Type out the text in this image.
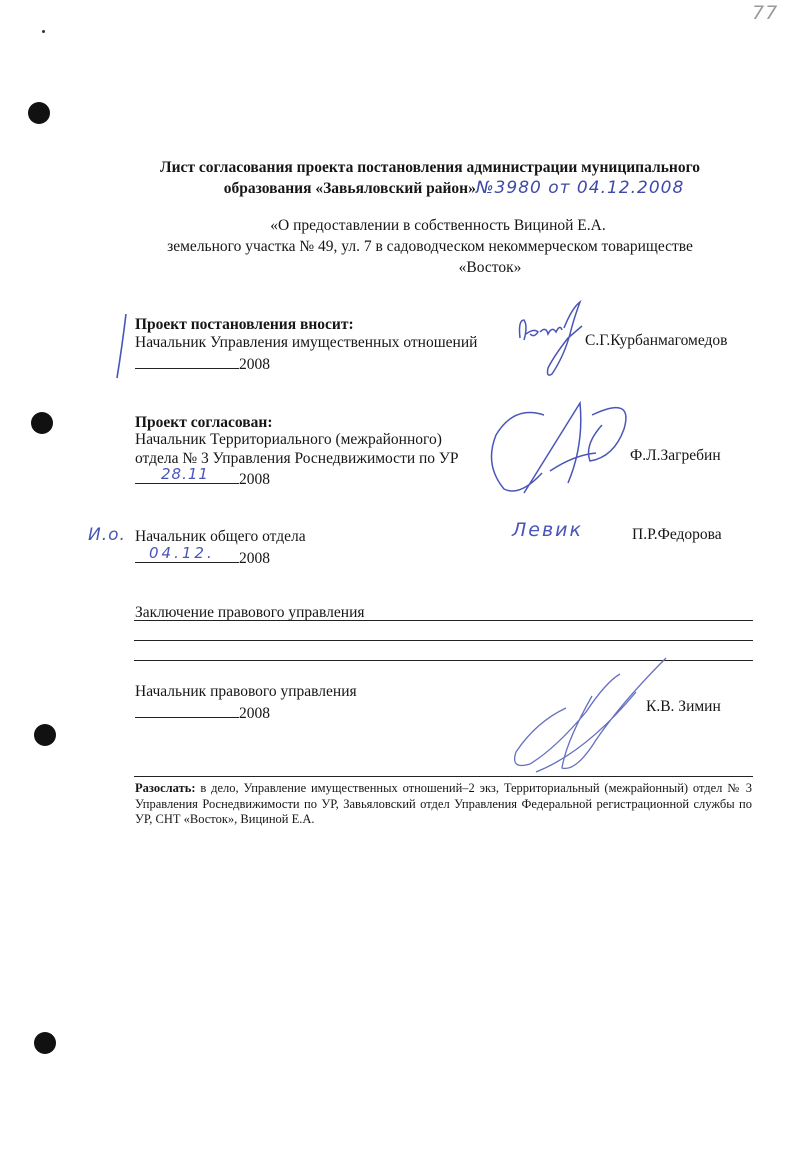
77
Лист согласования проекта постановления администрации муниципального
образования «Завьяловский район»№3980 от 04.12.2008
«О предоставлении в собственность Вициной Е.А.
земельного участка № 49, ул. 7 в садоводческом некоммерческом товариществе
«Восток»
Проект постановления вносит:
Начальник Управления имущественных отношений
2008
С.Г.Курбанмагомедов
Проект согласован:
Начальник Территориального (межрайонного)
отдела № 3 Управления Роснедвижимости по УР
28.11 2008
Ф.Л.Загребин
И.о. Начальник общего отдела
04.12. 2008
Левик	П.Р.Федорова
Заключение правового управления
Начальник правового управления
2008	К.В. Зимин
Разослать: в дело, Управление имущественных отношений–2 экз, Территориальный (межрайонный) отдел № 3 Управления Роснедвижимости по УР, Завьяловский отдел Управления Федеральной регистрационной службы по УР, СНТ «Восток», Вициной Е.А.
